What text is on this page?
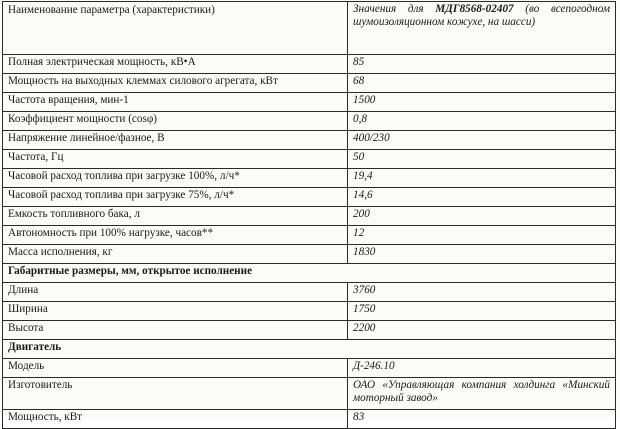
Наименование параметра (характеристики)	Значения для МДГ8568-02407 (во всепогодном шумоизоляционном кожухе, на шасси)
Полная электрическая мощность, кВ•А	85
Мощность на выходных клеммах силового агрегата, кВт	68
Частота вращения, мин-1	1500
Коэффициент мощности (cosφ)	0,8
Напряжение линейное/фазное, В	400/230
Частота, Гц	50
Часовой расход топлива при загрузке 100%, л/ч*	19,4
Часовой расход топлива при загрузке 75%, л/ч*	14,6
Емкость топливного бака, л	200
Автономность при 100% нагрузке, часов**	12
Масса исполнения, кг	1830
Габаритные размеры, мм, открытое исполнение	
Длина	3760
Ширина	1750
Высота	2200
Двигатель	
Модель	Д-246.10
Изготовитель	ОАО «Управляющая компания холдинга «Минский моторный завод»
Мощность, кВт	83
